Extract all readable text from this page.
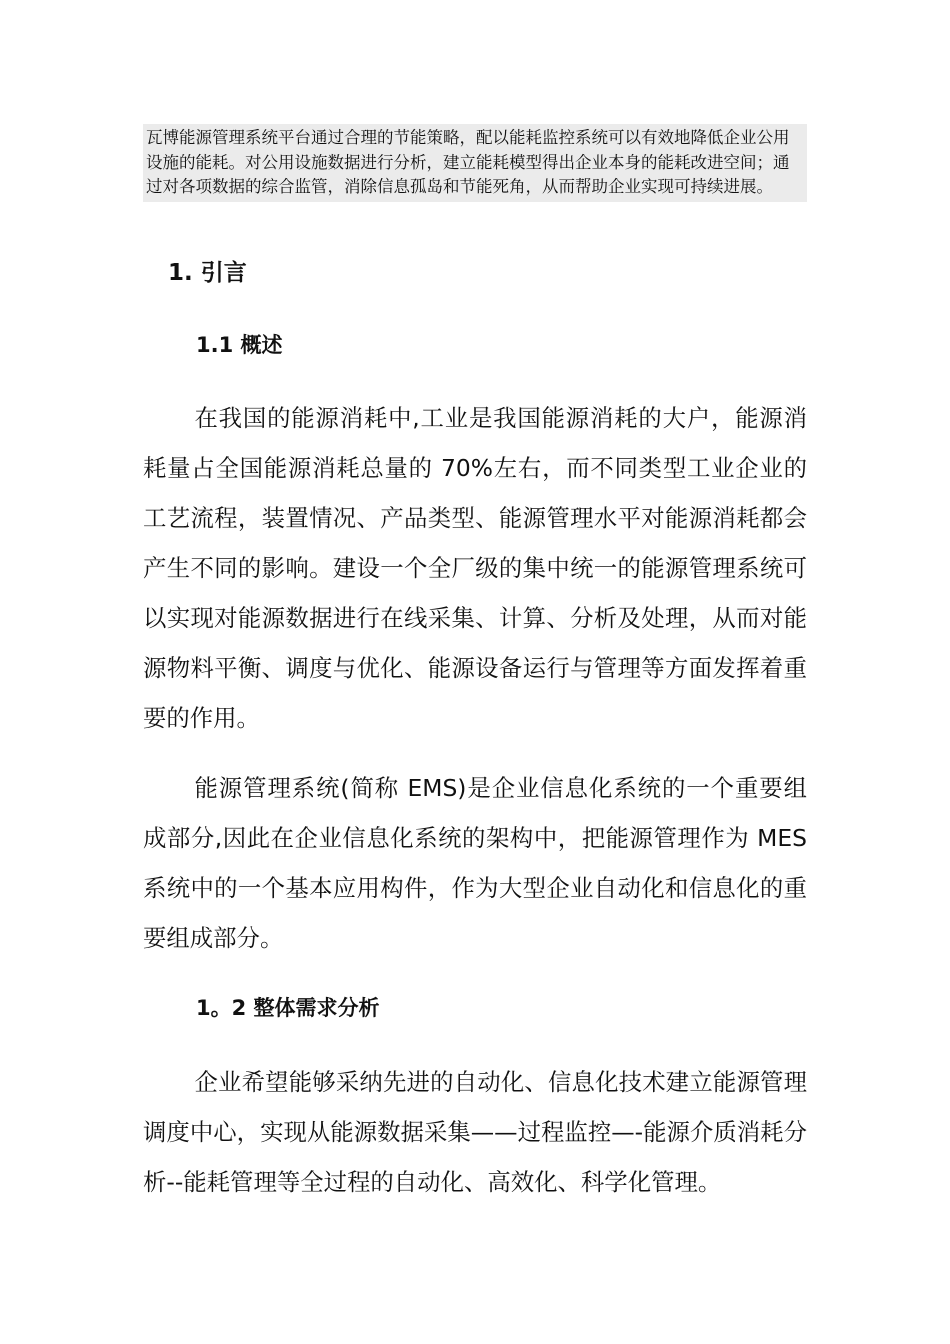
瓦博能源管理系统平台通过合理的节能策略，配以能耗监控系统可以有效地降低企业公用设施的能耗。对公用设施数据进行分析，建立能耗模型得出企业本身的能耗改进空间；通过对各项数据的综合监管，消除信息孤岛和节能死角，从而帮助企业实现可持续进展。
1. 引言
1.1 概述
在我国的能源消耗中,工业是我国能源消耗的大户，能源消耗量占全国能源消耗总量的 70%左右，而不同类型工业企业的工艺流程，装置情况、产品类型、能源管理水平对能源消耗都会产生不同的影响。建设一个全厂级的集中统一的能源管理系统可以实现对能源数据进行在线采集、计算、分析及处理，从而对能源物料平衡、调度与优化、能源设备运行与管理等方面发挥着重要的作用。
能源管理系统(简称 EMS)是企业信息化系统的一个重要组成部分,因此在企业信息化系统的架构中，把能源管理作为 MES 系统中的一个基本应用构件，作为大型企业自动化和信息化的重要组成部分。
1。2 整体需求分析
企业希望能够采纳先进的自动化、信息化技术建立能源管理调度中心，实现从能源数据采集——过程监控—-能源介质消耗分析--能耗管理等全过程的自动化、高效化、科学化管理。
